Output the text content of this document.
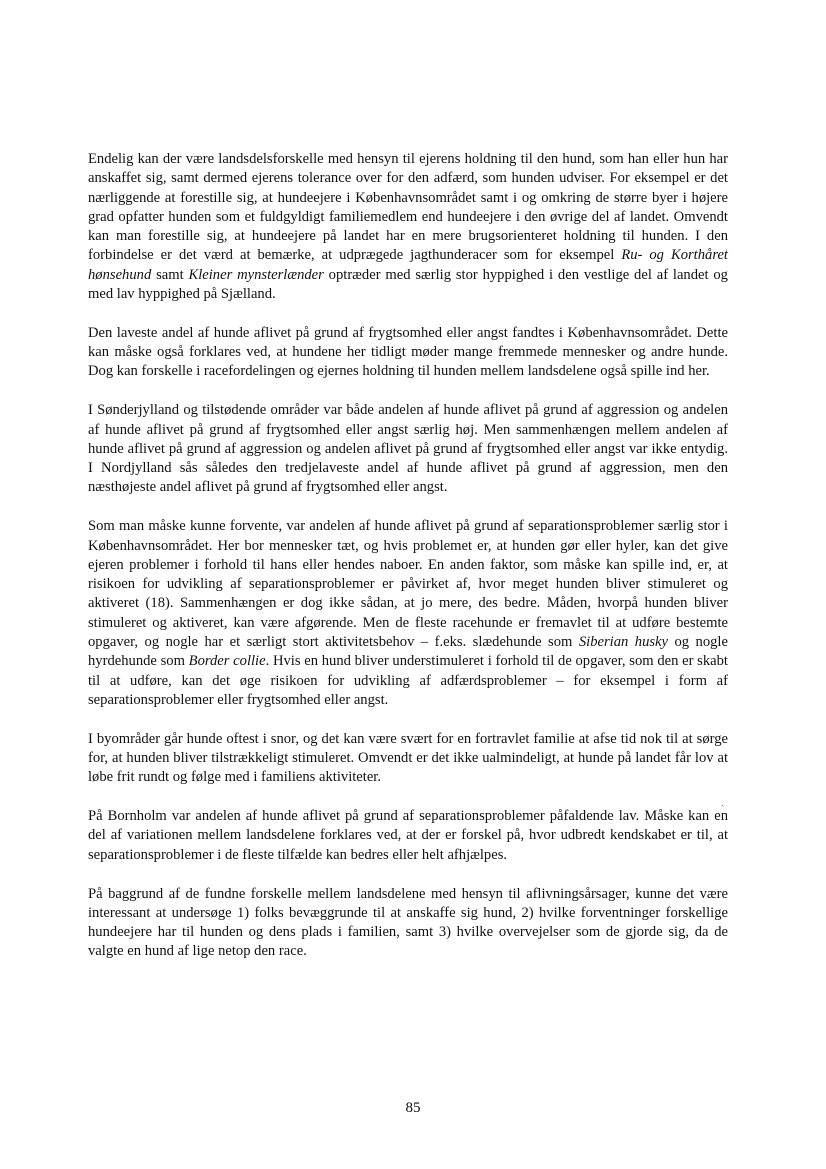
Endelig kan der være landsdelsforskelle med hensyn til ejerens holdning til den hund, som han eller hun har anskaffet sig, samt dermed ejerens tolerance over for den adfærd, som hunden udviser. For eksempel er det nærliggende at forestille sig, at hundeejere i Københavnsområdet samt i og omkring de større byer i højere grad opfatter hunden som et fuldgyldigt familiemedlem end hundeejere i den øvrige del af landet. Omvendt kan man forestille sig, at hundeejere på landet har en mere brugsorienteret holdning til hunden. I den forbindelse er det værd at bemærke, at udprægede jagthunderacer som for eksempel Ru- og Korthåret hønsehund samt Kleiner mynsterlænder optræder med særlig stor hyppighed i den vestlige del af landet og med lav hyppighed på Sjælland.

Den laveste andel af hunde aflivet på grund af frygtsomhed eller angst fandtes i Københavnsområdet. Dette kan måske også forklares ved, at hundene her tidligt møder mange fremmede mennesker og andre hunde. Dog kan forskelle i racefordelingen og ejernes holdning til hunden mellem landsdelene også spille ind her.

I Sønderjylland og tilstødende områder var både andelen af hunde aflivet på grund af aggression og andelen af hunde aflivet på grund af frygtsomhed eller angst særlig høj. Men sammenhængen mellem andelen af hunde aflivet på grund af aggression og andelen aflivet på grund af frygtsomhed eller angst var ikke entydig. I Nordjylland sås således den tredjelaveste andel af hunde aflivet på grund af aggression, men den næsthøjeste andel aflivet på grund af frygtsomhed eller angst.

Som man måske kunne forvente, var andelen af hunde aflivet på grund af separationsproblemer særlig stor i Københavnsområdet. Her bor mennesker tæt, og hvis problemet er, at hunden gør eller hyler, kan det give ejeren problemer i forhold til hans eller hendes naboer. En anden faktor, som måske kan spille ind, er, at risikoen for udvikling af separationsproblemer er påvirket af, hvor meget hunden bliver stimuleret og aktiveret (18). Sammenhængen er dog ikke sådan, at jo mere, des bedre. Måden, hvorpå hunden bliver stimuleret og aktiveret, kan være afgørende. Men de fleste racehunde er fremavlet til at udføre bestemte opgaver, og nogle har et særligt stort aktivitetsbehov – f.eks. slædehunde som Siberian husky og nogle hyrdehunde som Border collie. Hvis en hund bliver understimuleret i forhold til de opgaver, som den er skabt til at udføre, kan det øge risikoen for udvikling af adfærdsproblemer – for eksempel i form af separationsproblemer eller frygtsomhed eller angst.

I byområder går hunde oftest i snor, og det kan være svært for en fortravlet familie at afse tid nok til at sørge for, at hunden bliver tilstrækkeligt stimuleret. Omvendt er det ikke ualmindeligt, at hunde på landet får lov at løbe frit rundt og følge med i familiens aktiviteter.

På Bornholm var andelen af hunde aflivet på grund af separationsproblemer påfaldende lav. Måske kan en del af variationen mellem landsdelene forklares ved, at der er forskel på, hvor udbredt kendskabet er til, at separationsproblemer i de fleste tilfælde kan bedres eller helt afhjælpes.

På baggrund af de fundne forskelle mellem landsdelene med hensyn til aflivningsårsager, kunne det være interessant at undersøge 1) folks bevæggrunde til at anskaffe sig hund, 2) hvilke forventninger forskellige hundeejere har til hunden og dens plads i familien, samt 3) hvilke overvejelser som de gjorde sig, da de valgte en hund af lige netop den race.

ˏ
85
